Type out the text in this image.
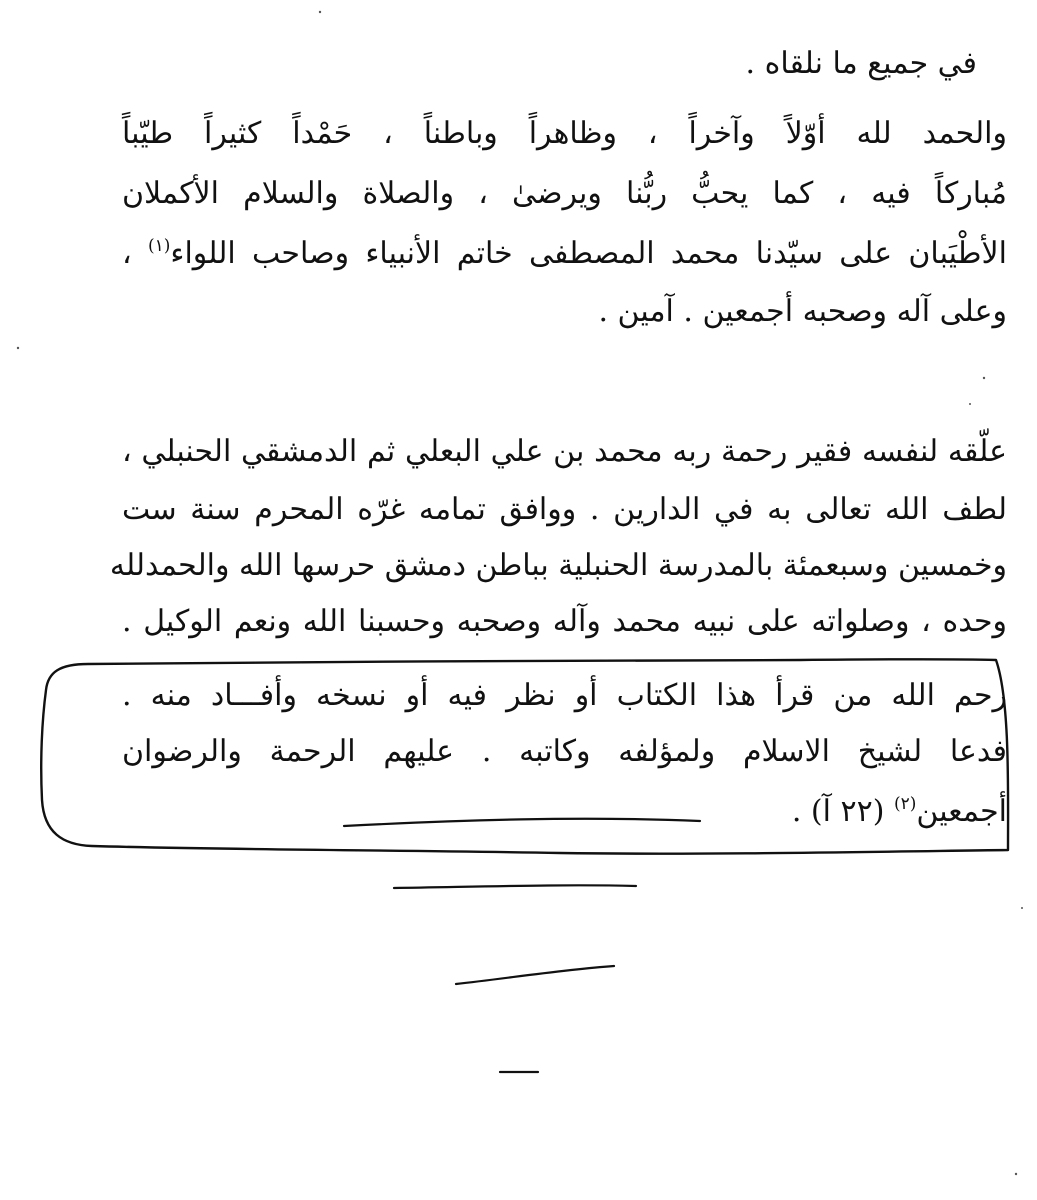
في جميع ما نلقاه .
والحمد لله أوّلاً وآخراً ، وظاهراً وباطناً ، حَمْداً كثيراً طيّباً
مُباركاً فيه ، كما يحبُّ ربُّنا ويرضىٰ ، والصلاة والسلام الأكملان
الأطْيَبان على سيّدنا محمد المصطفى خاتم الأنبياء وصاحب اللواء$^{(١)}$ ،
وعلى آله وصحبه أجمعين . آمين .
علّقه لنفسه فقير رحمة ربه محمد بن علي البعلي ثم الدمشقي الحنبلي ،
لطف الله تعالى به في الدارين . ووافق تمامه غرّه المحرم سنة ست
وخمسين وسبعمئة بالمدرسة الحنبلية بباطن دمشق حرسها الله والحمدلله
وحده ، وصلواته على نبيه محمد وآله وصحبه وحسبنا الله ونعم الوكيل .
رحم الله من قرأ هذا الكتاب أو نظر فيه أو نسخه وأفـــاد منه .
فدعا لشيخ الاسلام ولمؤلفه وكاتبه . عليهم الرحمة والرضوان
أجمعين$^{(٢)}$ (٢٢ آ) .
